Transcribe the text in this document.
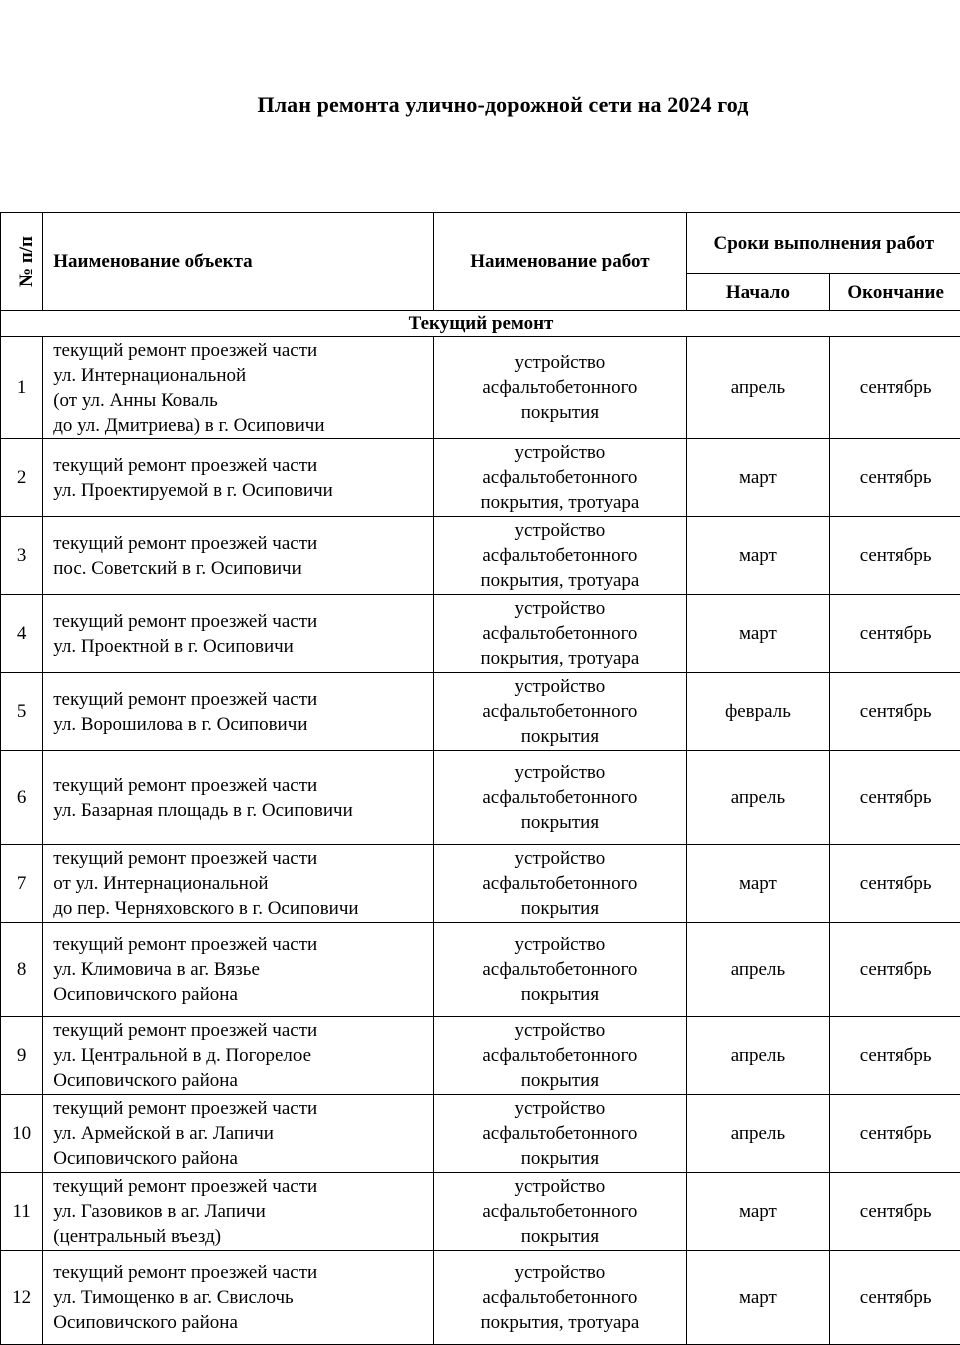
План ремонта улично-дорожной сети на 2024 год
№ п/п	Наименование объекта	Наименование работ	Сроки выполнения работ	
			Начало	Окончание
Текущий ремонт				
1	текущий ремонт проезжей части
ул. Интернациональной
(от ул. Анны Коваль
до ул. Дмитриева) в г. Осиповичи	устройство
асфальтобетонного
покрытия	апрель	сентябрь
2	текущий ремонт проезжей части
ул. Проектируемой в г. Осиповичи	устройство
асфальтобетонного
покрытия, тротуара	март	сентябрь
3	текущий ремонт проезжей части
пос. Советский в г. Осиповичи	устройство
асфальтобетонного
покрытия, тротуара	март	сентябрь
4	текущий ремонт проезжей части
ул. Проектной в г. Осиповичи	устройство
асфальтобетонного
покрытия, тротуара	март	сентябрь
5	текущий ремонт проезжей части
ул. Ворошилова в г. Осиповичи	устройство
асфальтобетонного
покрытия	февраль	сентябрь
6	текущий ремонт проезжей части
ул. Базарная площадь в г. Осиповичи	устройство
асфальтобетонного
покрытия	апрель	сентябрь
7	текущий ремонт проезжей части
от ул. Интернациональной
до пер. Черняховского в г. Осиповичи	устройство
асфальтобетонного
покрытия	март	сентябрь
8	текущий ремонт проезжей части
ул. Климовича в аг. Вязье
Осиповичского района	устройство
асфальтобетонного
покрытия	апрель	сентябрь
9	текущий ремонт проезжей части
ул. Центральной в д. Погорелое
Осиповичского района	устройство
асфальтобетонного
покрытия	апрель	сентябрь
10	текущий ремонт проезжей части
ул. Армейской в аг. Лапичи
Осиповичского района	устройство
асфальтобетонного
покрытия	апрель	сентябрь
11	текущий ремонт проезжей части
ул. Газовиков в аг. Лапичи
(центральный въезд)	устройство
асфальтобетонного
покрытия	март	сентябрь
12	текущий ремонт проезжей части
ул. Тимощенко в аг. Свислочь
Осиповичского района	устройство
асфальтобетонного
покрытия, тротуара	март	сентябрь
